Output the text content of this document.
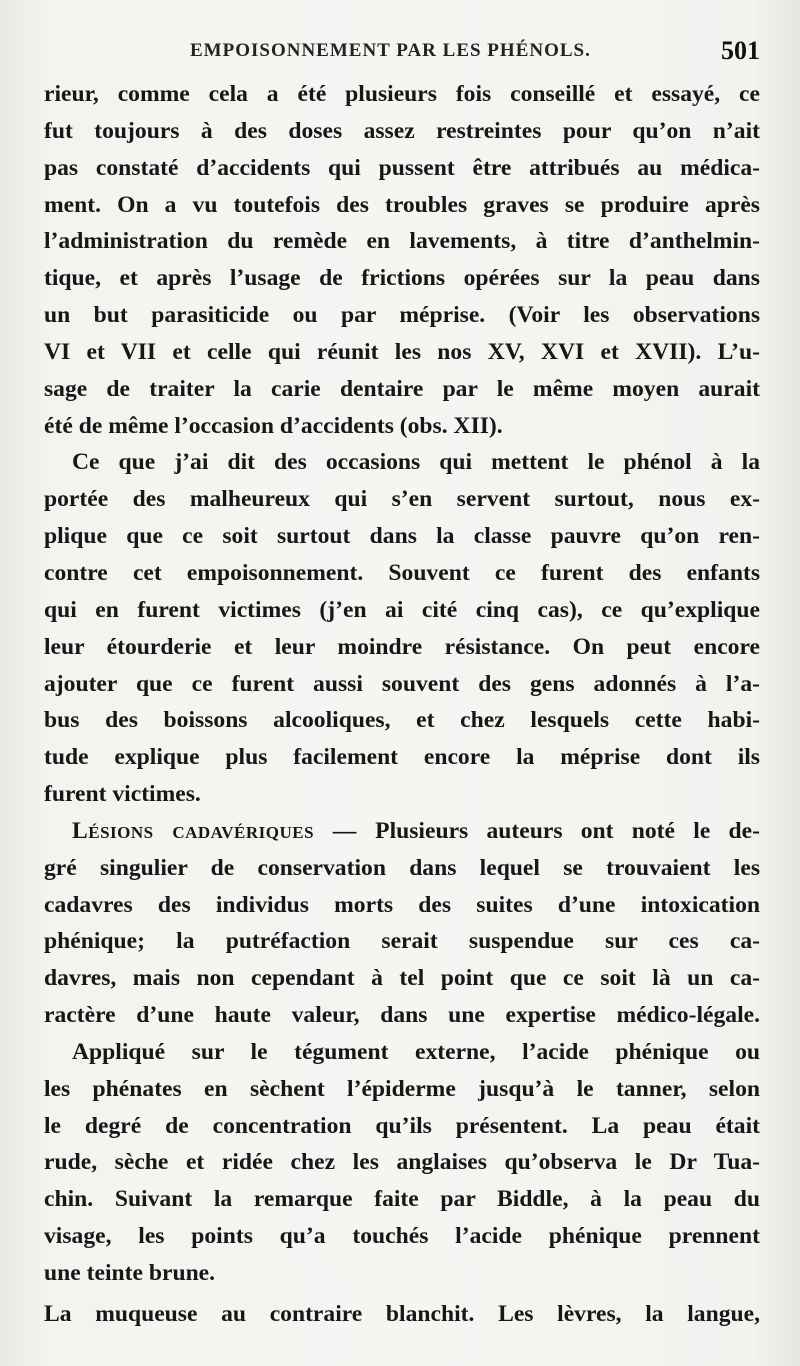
EMPOISONNEMENT PAR LES PHÉNOLS.	501
rieur, comme cela a été plusieurs fois conseillé et essayé, ce
fut toujours à des doses assez restreintes pour qu’on n’ait
pas constaté d’accidents qui pussent être attribués au médica-
ment. On a vu toutefois des troubles graves se produire après
l’administration du remède en lavements, à titre d’anthelmin-
tique, et après l’usage de frictions opérées sur la peau dans
un but parasiticide ou par méprise. (Voir les observations
VI et VII et celle qui réunit les nos XV, XVI et XVII). L’u-
sage de traiter la carie dentaire par le même moyen aurait
été de même l’occasion d’accidents (obs. XII).
Ce que j’ai dit des occasions qui mettent le phénol à la
portée des malheureux qui s’en servent surtout, nous ex-
plique que ce soit surtout dans la classe pauvre qu’on ren-
contre cet empoisonnement. Souvent ce furent des enfants
qui en furent victimes (j’en ai cité cinq cas), ce qu’explique
leur étourderie et leur moindre résistance. On peut encore
ajouter que ce furent aussi souvent des gens adonnés à l’a-
bus des boissons alcooliques, et chez lesquels cette habi-
tude explique plus facilement encore la méprise dont ils
furent victimes.
Lésions cadavériques — Plusieurs auteurs ont noté le de-
gré singulier de conservation dans lequel se trouvaient les
cadavres des individus morts des suites d’une intoxication
phénique; la putréfaction serait suspendue sur ces ca-
davres, mais non cependant à tel point que ce soit là un ca-
ractère d’une haute valeur, dans une expertise médico-légale.
Appliqué sur le tégument externe, l’acide phénique ou
les phénates en sèchent l’épiderme jusqu’à le tanner, selon
le degré de concentration qu’ils présentent. La peau était
rude, sèche et ridée chez les anglaises qu’observa le Dr Tua-
chin. Suivant la remarque faite par Biddle, à la peau du
visage, les points qu’a touchés l’acide phénique prennent
une teinte brune.
La muqueuse au contraire blanchit. Les lèvres, la langue,
